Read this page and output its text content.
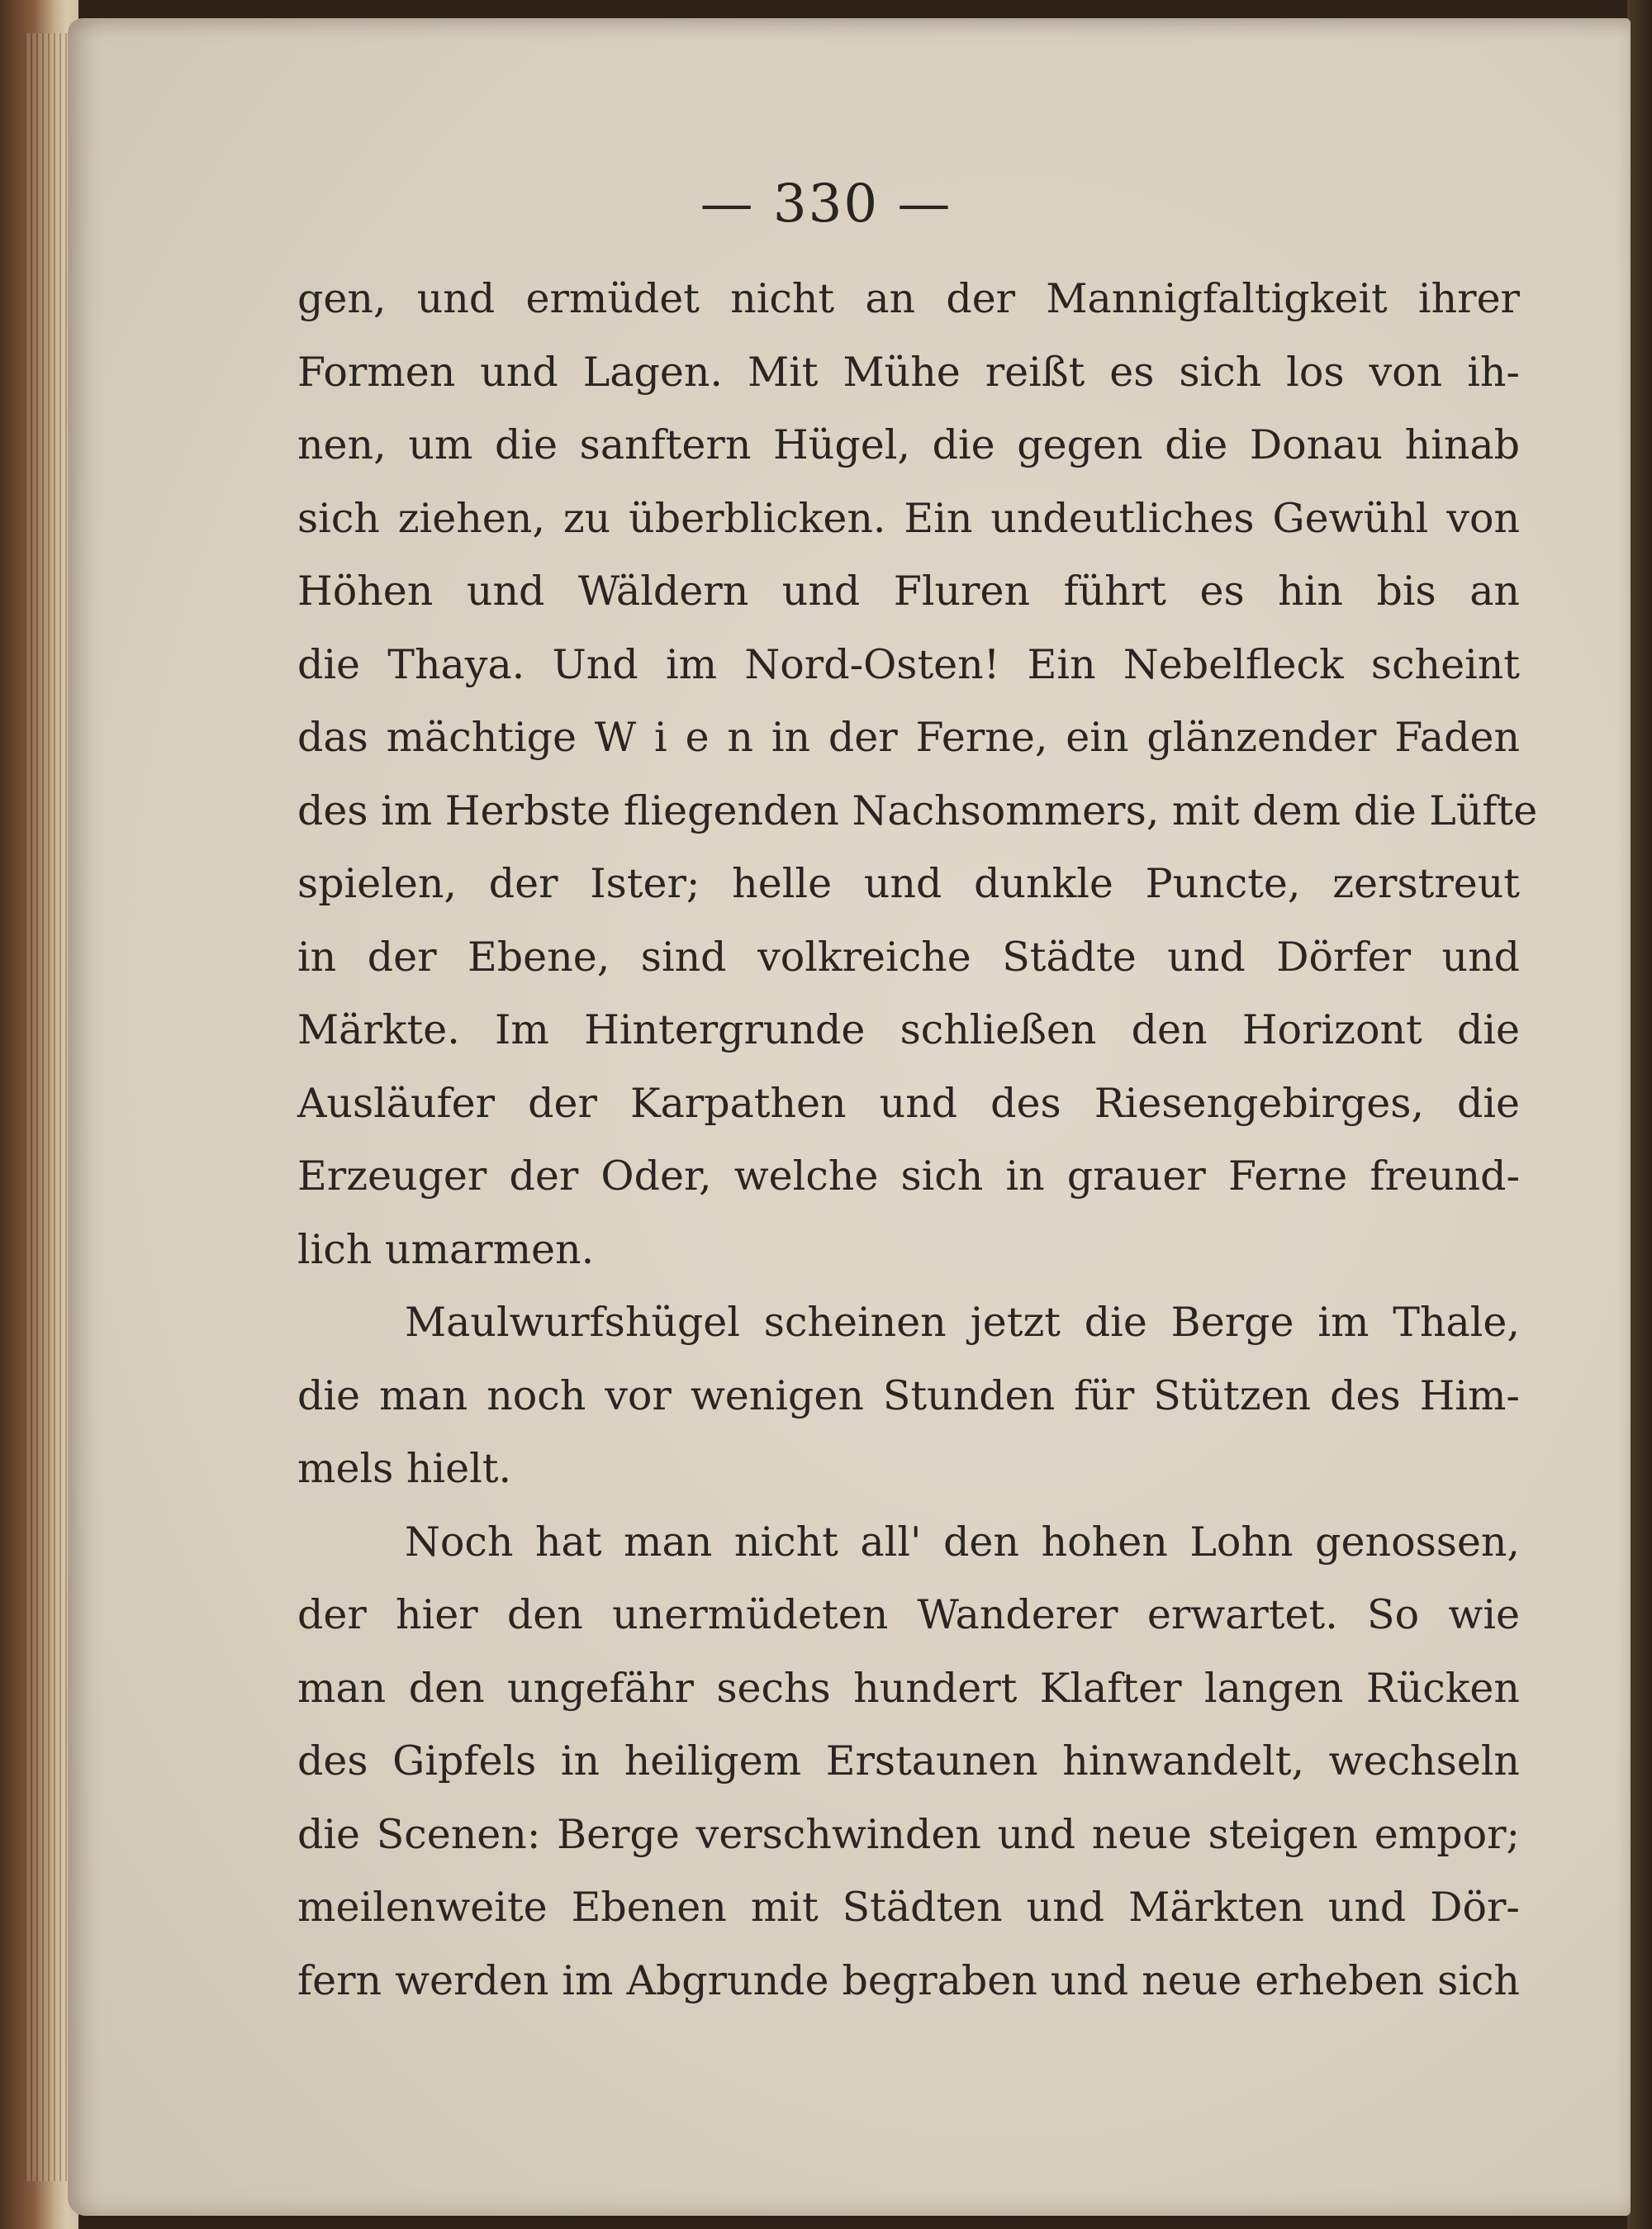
— 330 —
gen, und ermüdet nicht an der Mannigfaltigkeit ihrer
Formen und Lagen. Mit Mühe reißt es sich los von ih-
nen, um die sanftern Hügel, die gegen die Donau hinab
sich ziehen, zu überblicken. Ein undeutliches Gewühl von
Höhen und Wäldern und Fluren führt es hin bis an
die Thaya. Und im Nord-Osten! Ein Nebelfleck scheint
das mächtige W i e n in der Ferne, ein glänzender Faden
des im Herbste fliegenden Nachsommers, mit dem die Lüfte
spielen, der Ister; helle und dunkle Puncte, zerstreut
in der Ebene, sind volkreiche Städte und Dörfer und
Märkte. Im Hintergrunde schließen den Horizont die
Ausläufer der Karpathen und des Riesengebirges, die
Erzeuger der Oder, welche sich in grauer Ferne freund-
lich umarmen.
Maulwurfshügel scheinen jetzt die Berge im Thale,
die man noch vor wenigen Stunden für Stützen des Him-
mels hielt.
Noch hat man nicht all' den hohen Lohn genossen,
der hier den unermüdeten Wanderer erwartet. So wie
man den ungefähr sechs hundert Klafter langen Rücken
des Gipfels in heiligem Erstaunen hinwandelt, wechseln
die Scenen: Berge verschwinden und neue steigen empor;
meilenweite Ebenen mit Städten und Märkten und Dör-
fern werden im Abgrunde begraben und neue erheben sich
